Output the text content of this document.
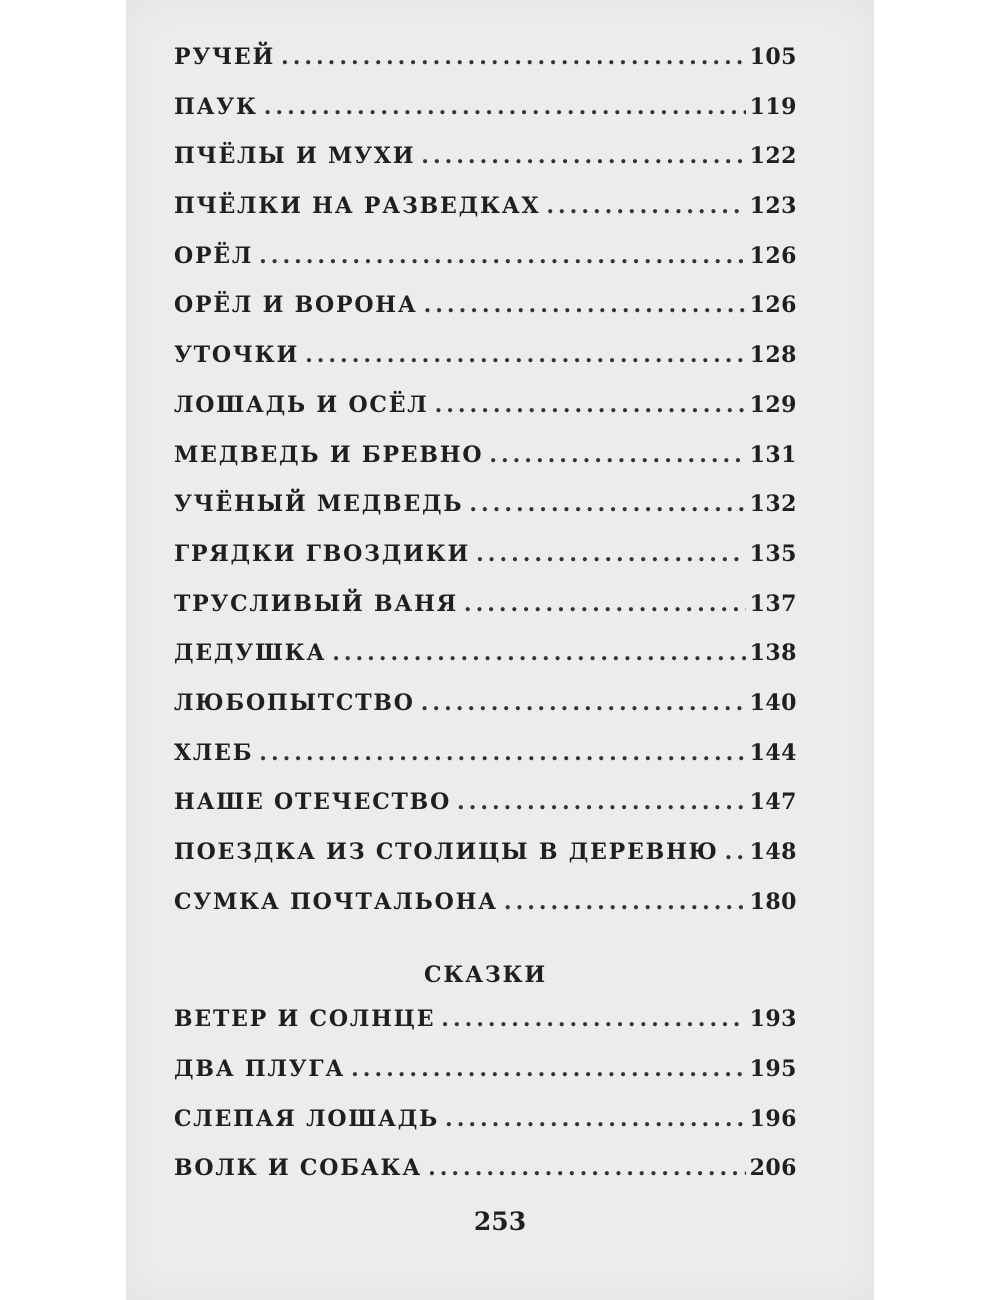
РУЧЕЙ .....	105
ПАУК .....	119
ПЧЁЛЫ И МУХИ .....	122
ПЧЁЛКИ НА РАЗВЕДКАХ .....	123
ОРЁЛ .....	126
ОРЁЛ И ВОРОНА .....	126
УТОЧКИ .....	128
ЛОШАДЬ И ОСЁЛ .....	129
МЕДВЕДЬ И БРЕВНО .....	131
УЧЁНЫЙ МЕДВЕДЬ .....	132
ГРЯДКИ ГВОЗДИКИ .....	135
ТРУСЛИВЫЙ ВАНЯ .....	137
ДЕДУШКА .....	138
ЛЮБОПЫТСТВО .....	140
ХЛЕБ .....	144
НАШЕ ОТЕЧЕСТВО .....	147
ПОЕЗДКА ИЗ СТОЛИЦЫ В ДЕРЕВНЮ ..... 148
СУМКА ПОЧТАЛЬОНА .....	180
СКАЗКИ
ВЕТЕР И СОЛНЦЕ .....	193
ДВА ПЛУГА .....	195
СЛЕПАЯ ЛОШАДЬ .....	196
ВОЛК И СОБАКА .....	206
253
